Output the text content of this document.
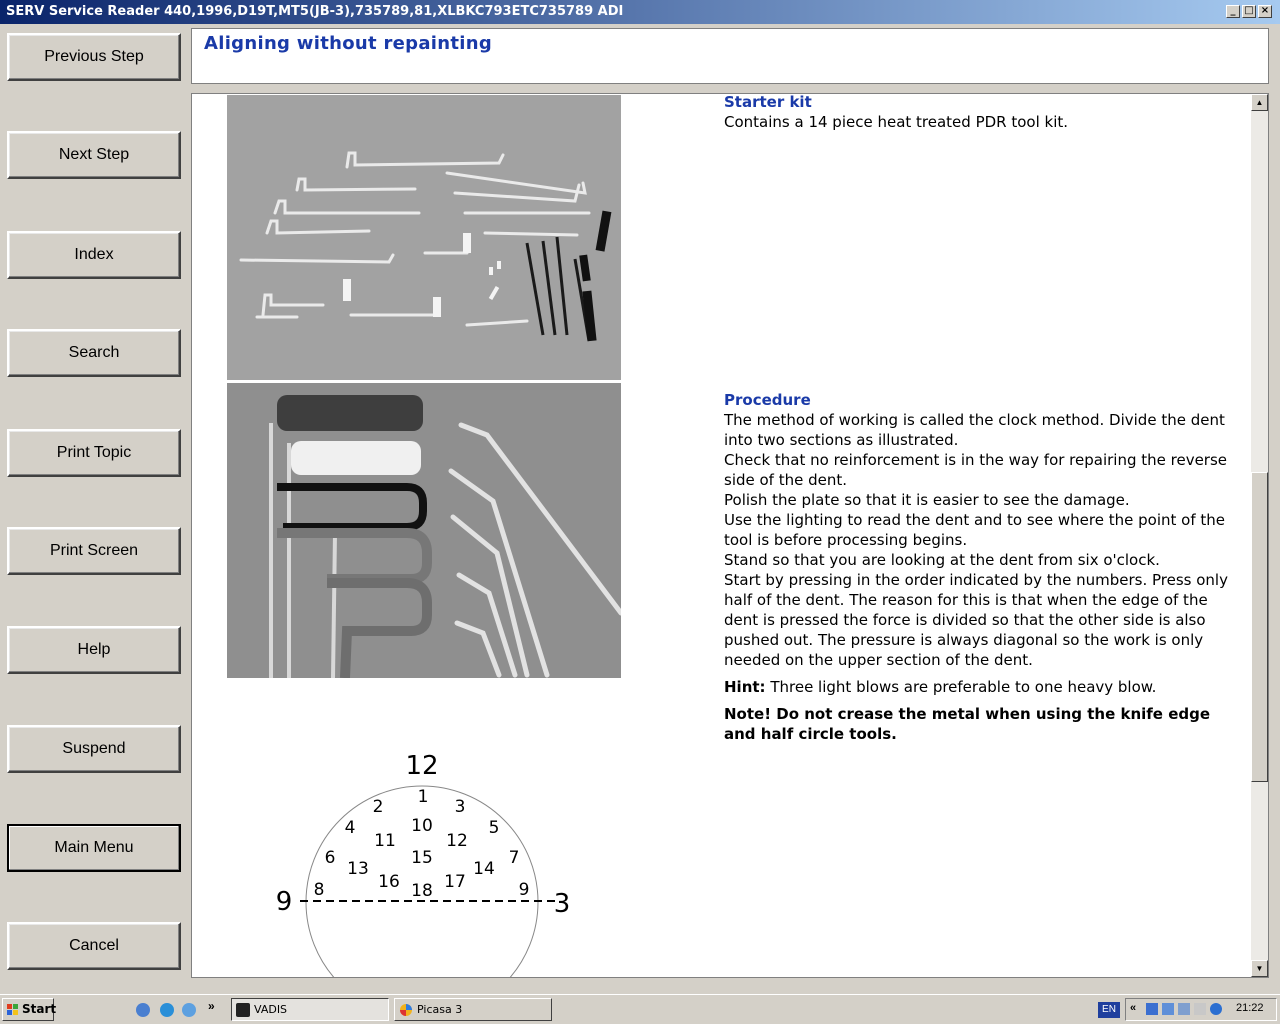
SERV Service Reader 440,1996,D19T,MT5(JB-3),735789,81,XLBKC793ETC735789 ADI	_ □ ×
Previous Step
Next Step
Index
Search
Print Topic
Print Screen
Help
Suspend
Main Menu
Cancel
Aligning without repainting
12
9	3
1
2	3
4	5
6	7
8	9
10
11	12
13	14
15
16	17
18
Starter kit
Contains a 14 piece heat treated PDR tool kit.
Procedure
The method of working is called the clock method. Divide the dent into two sections as illustrated.
Check that no reinforcement is in the way for repairing the reverse side of the dent.
Polish the plate so that it is easier to see the damage.
Use the lighting to read the dent and to see where the point of the tool is before processing begins.
Stand so that you are looking at the dent from six o'clock.
Start by pressing in the order indicated by the numbers. Press only half of the dent. The reason for this is that when the edge of the dent is pressed the force is divided so that the other side is also pushed out. The pressure is always diagonal so the work is only needed on the upper section of the dent.
Hint: Three light blows are preferable to one heavy blow.
Note! Do not crease the metal when using the knife edge and half circle tools.
▲
▼
Start	»	VADIS	Picasa 3	EN	«	21:22
